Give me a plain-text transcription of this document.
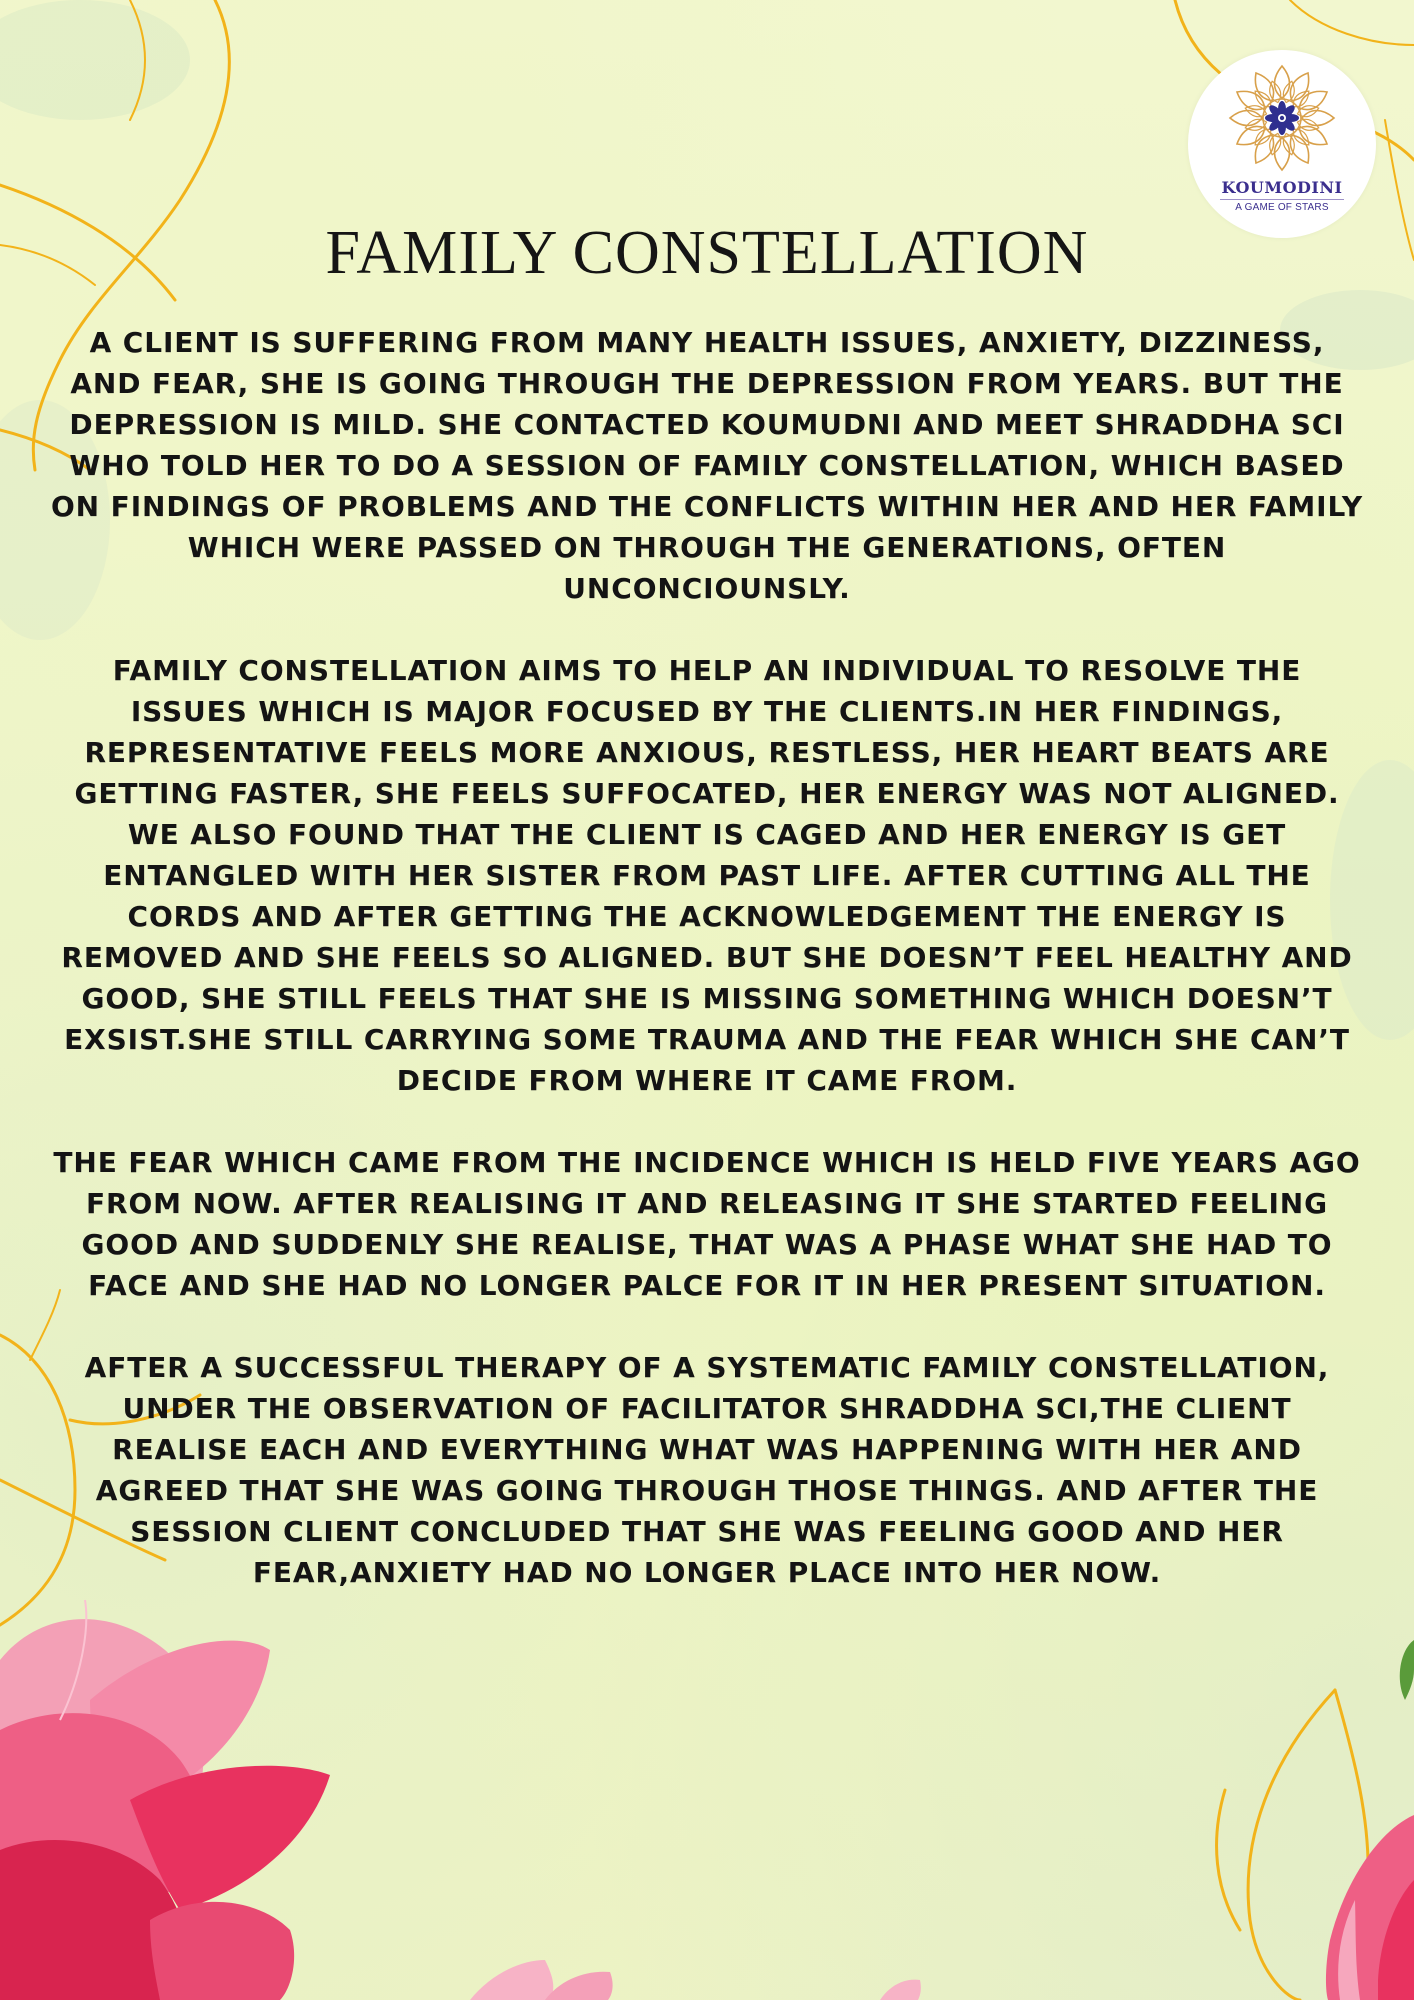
KOUMODINI
A GAME OF STARS
FAMILY CONSTELLATION

A CLIENT IS SUFFERING FROM MANY HEALTH ISSUES, ANXIETY, DIZZINESS, AND FEAR, SHE IS GOING THROUGH THE DEPRESSION FROM YEARS. BUT THE DEPRESSION IS MILD. SHE CONTACTED KOUMUDNI AND MEET SHRADDHA SCI WHO TOLD HER TO DO A SESSION OF FAMILY CONSTELLATION, WHICH BASED ON FINDINGS OF PROBLEMS AND THE CONFLICTS WITHIN HER AND HER FAMILY WHICH WERE PASSED ON THROUGH THE GENERATIONS, OFTEN UNCONCIOUNSLY.

FAMILY CONSTELLATION AIMS TO HELP AN INDIVIDUAL TO RESOLVE THE ISSUES WHICH IS MAJOR FOCUSED BY THE CLIENTS.IN HER FINDINGS, REPRESENTATIVE FEELS MORE ANXIOUS, RESTLESS, HER HEART BEATS ARE GETTING FASTER, SHE FEELS SUFFOCATED, HER ENERGY WAS NOT ALIGNED. WE ALSO FOUND THAT THE CLIENT IS CAGED AND HER ENERGY IS GET ENTANGLED WITH HER SISTER FROM PAST LIFE. AFTER CUTTING ALL THE CORDS AND AFTER GETTING THE ACKNOWLEDGEMENT THE ENERGY IS REMOVED AND SHE FEELS SO ALIGNED. BUT SHE DOESN’T FEEL HEALTHY AND GOOD, SHE STILL FEELS THAT SHE IS MISSING SOMETHING WHICH DOESN’T EXSIST.SHE STILL CARRYING SOME TRAUMA AND THE FEAR WHICH SHE CAN’T DECIDE FROM WHERE IT CAME FROM.

THE FEAR WHICH CAME FROM THE INCIDENCE WHICH IS HELD FIVE YEARS AGO FROM NOW. AFTER REALISING IT AND RELEASING IT SHE STARTED FEELING GOOD AND SUDDENLY SHE REALISE, THAT WAS A PHASE WHAT SHE HAD TO FACE AND SHE HAD NO LONGER PALCE FOR IT IN HER PRESENT SITUATION.

AFTER A SUCCESSFUL THERAPY OF A SYSTEMATIC FAMILY CONSTELLATION, UNDER THE OBSERVATION OF FACILITATOR SHRADDHA SCI,THE CLIENT REALISE EACH AND EVERYTHING WHAT WAS HAPPENING WITH HER AND AGREED THAT SHE WAS GOING THROUGH THOSE THINGS. AND AFTER THE SESSION CLIENT CONCLUDED THAT SHE WAS FEELING GOOD AND HER FEAR,ANXIETY HAD NO LONGER PLACE INTO HER NOW.
